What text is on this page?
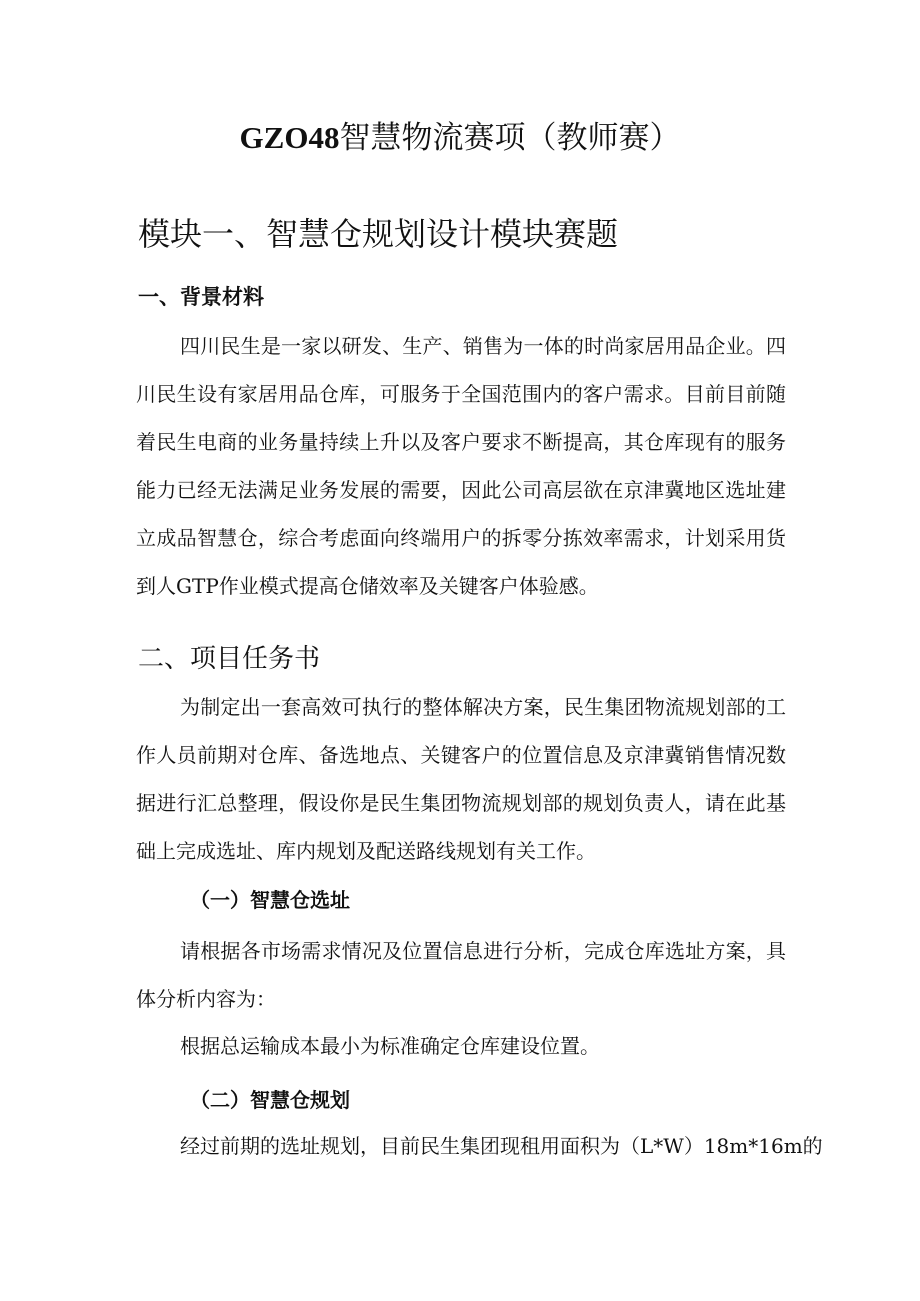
GZO48智慧物流赛项（教师赛）
模块一、智慧仓规划设计模块赛题
一、背景材料
四川民生是一家以研发、生产、销售为一体的时尚家居用品企业。四
川民生设有家居用品仓库，可服务于全国范围内的客户需求。目前目前随
着民生电商的业务量持续上升以及客户要求不断提高，其仓库现有的服务
能力已经无法满足业务发展的需要，因此公司高层欲在京津冀地区选址建
立成品智慧仓，综合考虑面向终端用户的拆零分拣效率需求，计划采用货
到人GTP作业模式提高仓储效率及关键客户体验感。
二、项目任务书
为制定出一套高效可执行的整体解决方案，民生集团物流规划部的工
作人员前期对仓库、备选地点、关键客户的位置信息及京津冀销售情况数
据进行汇总整理，假设你是民生集团物流规划部的规划负责人，请在此基
础上完成选址、库内规划及配送路线规划有关工作。
（一）智慧仓选址
请根据各市场需求情况及位置信息进行分析，完成仓库选址方案，具
体分析内容为：
根据总运输成本最小为标准确定仓库建设位置。
（二）智慧仓规划
经过前期的选址规划，目前民生集团现租用面积为（L*W）18m*16m的
